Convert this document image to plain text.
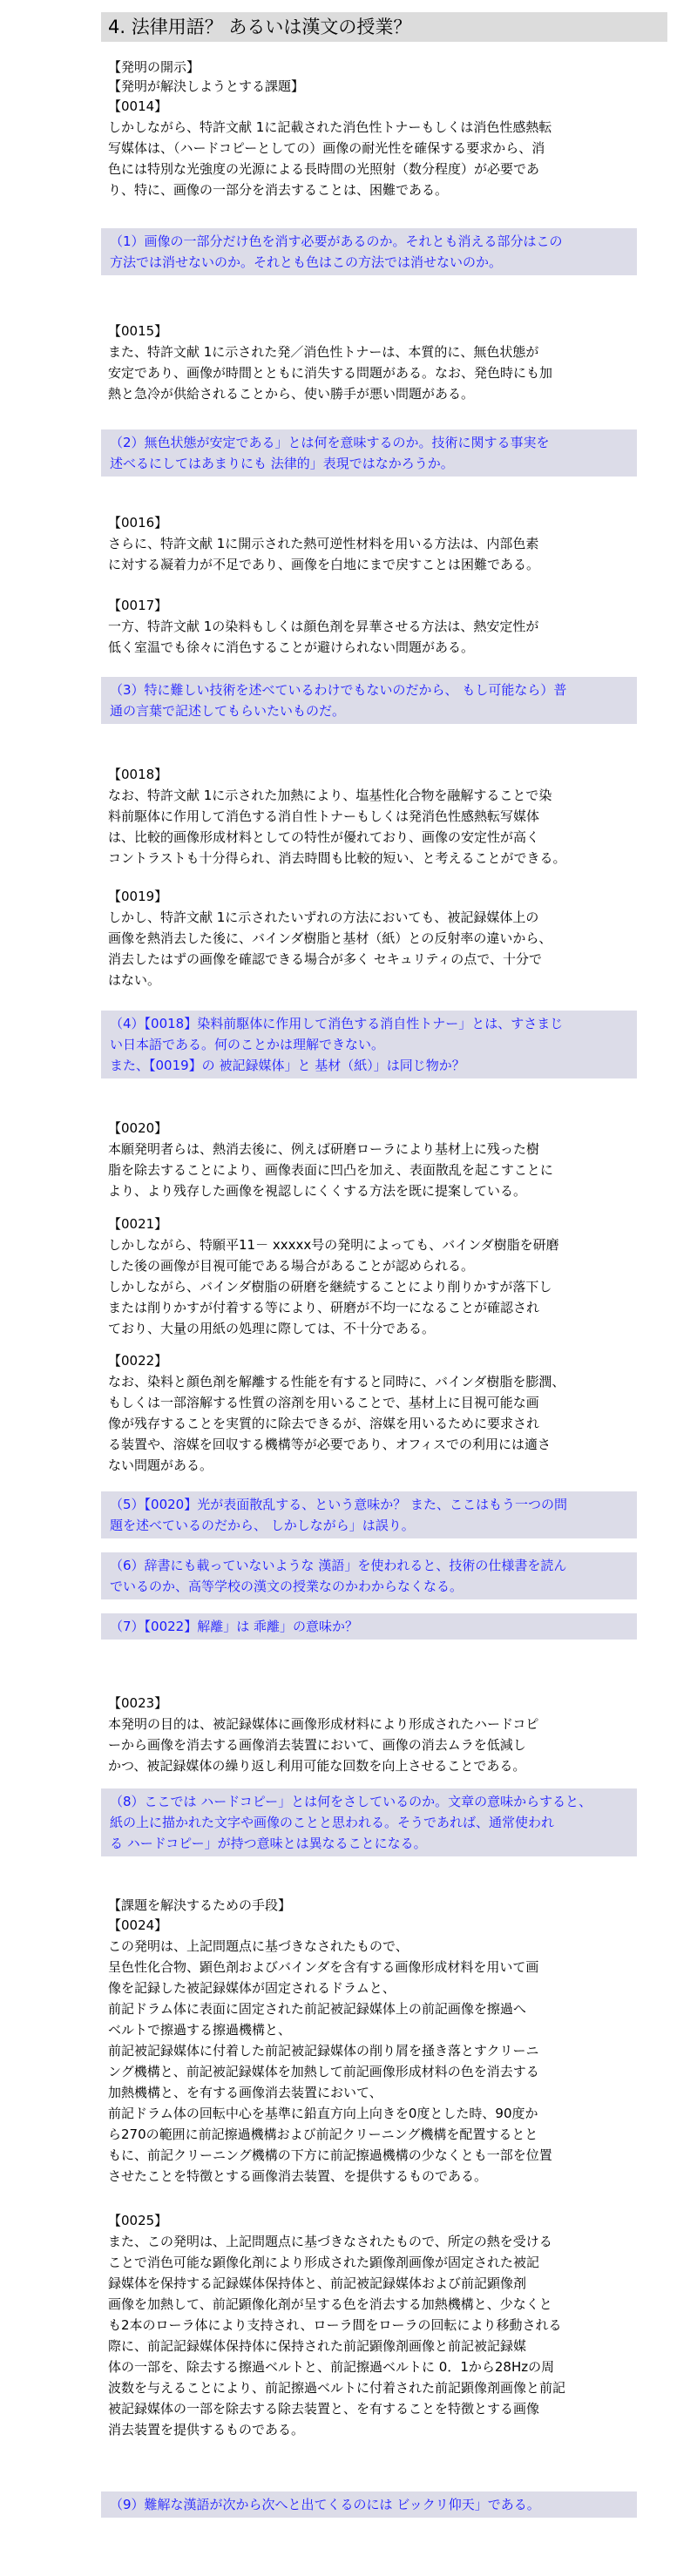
4. 法律用語？ あるいは漢文の授業？
【発明の開示】
【発明が解決しようとする課題】
【0014】
しかしながら、特許文献 1に記載された消色性トナーもしくは消色性感熱転
写媒体は、（ハードコピーとしての）画像の耐光性を確保する要求から、消
色には特別な光強度の光源による長時間の光照射（数分程度）が必要であ
り、特に、画像の一部分を消去することは、困難である。
（1）画像の一部分だけ色を消す必要があるのか。それとも消える部分はこの
方法では消せないのか。それとも色はこの方法では消せないのか。
【0015】
また、特許文献 1に示された発／消色性トナーは、本質的に、無色状態が
安定であり、画像が時間とともに消失する問題がある。なお、発色時にも加
熱と急冷が供給されることから、使い勝手が悪い問題がある。
（2）無色状態が安定である」とは何を意味するのか。技術に関する事実を
述べるにしてはあまりにも 法律的」表現ではなかろうか。
【0016】
さらに、特許文献 1に開示された熱可逆性材料を用いる方法は、内部色素
に対する凝着力が不足であり、画像を白地にまで戻すことは困難である。
【0017】
一方、特許文献 1の染料もしくは顔色剤を昇華させる方法は、熱安定性が
低く室温でも徐々に消色することが避けられない問題がある。
（3）特に難しい技術を述べているわけでもないのだから、 もし可能なら）普
通の言葉で記述してもらいたいものだ。
【0018】
なお、特許文献 1に示された加熱により、塩基性化合物を融解することで染
料前駆体に作用して消色する消自性トナーもしくは発消色性感熱転写媒体
は、比較的画像形成材料としての特性が優れており、画像の安定性が高く
コントラストも十分得られ、消去時間も比較的短い、と考えることができる。
【0019】
しかし、特許文献 1に示されたいずれの方法においても、被記録媒体上の
画像を熱消去した後に、バインダ樹脂と基材（紙）との反射率の違いから、
消去したはずの画像を確認できる場合が多く セキュリティの点で、十分で
はない。
（4）【0018】染料前駆体に作用して消色する消自性トナー」とは、すさまじ
い日本語である。何のことかは理解できない。
また、【0019】の 被記録媒体」と 基材（紙）」は同じ物か？
【0020】
本願発明者らは、熱消去後に、例えば研磨ローラにより基材上に残った樹
脂を除去することにより、画像表面に凹凸を加え、表面散乱を起こすことに
より、より残存した画像を視認しにくくする方法を既に提案している。
【0021】
しかしながら、特願平11－ xxxxx号の発明によっても、バインダ樹脂を研磨
した後の画像が目視可能である場合があることが認められる。
しかしながら、バインダ樹脂の研磨を継続することにより削りかすが落下し
または削りかすが付着する等により、研磨が不均一になることが確認され
ており、大量の用紙の処理に際しては、不十分である。
【0022】
なお、染料と顔色剤を解離する性能を有すると同時に、バインダ樹脂を膨潤、
もしくは一部溶解する性質の溶剤を用いることで、基材上に目視可能な画
像が残存することを実質的に除去できるが、溶媒を用いるために要求され
る装置や、溶媒を回収する機構等が必要であり、オフィスでの利用には適さ
ない問題がある。
（5）【0020】光が表面散乱する、という意味か？ また、ここはもう一つの問
題を述べているのだから、 しかしながら」は誤り。
（6）辞書にも載っていないような 漢語」を使われると、技術の仕様書を読ん
でいるのか、高等学校の漢文の授業なのかわからなくなる。
（7）【0022】解離」は 乖離」の意味か？
【0023】
本発明の目的は、被記録媒体に画像形成材料により形成されたハードコピ
ーから画像を消去する画像消去装置において、画像の消去ムラを低減し
かつ、被記録媒体の繰り返し利用可能な回数を向上させることである。
（8）ここでは ハードコピー」とは何をさしているのか。文章の意味からすると、
紙の上に描かれた文字や画像のことと思われる。そうであれば、通常使われ
る ハードコピー」が持つ意味とは異なることになる。
【課題を解決するための手段】
【0024】
この発明は、上記問題点に基づきなされたもので、
呈色性化合物、顕色剤およびバインダを含有する画像形成材料を用いて画
像を記録した被記録媒体が固定されるドラムと、
前記ドラム体に表面に固定された前記被記録媒体上の前記画像を擦過へ
ベルトで擦過する擦過機構と、
前記被記録媒体に付着した前記被記録媒体の削り屑を掻き落とすクリーニ
ング機構と、前記被記録媒体を加熱して前記画像形成材料の色を消去する
加熱機構と、を有する画像消去装置において、
前記ドラム体の回転中心を基準に鉛直方向上向きを0度とした時、90度か
ら270の範囲に前記擦過機構および前記クリーニング機構を配置するとと
もに、前記クリーニング機構の下方に前記擦過機構の少なくとも一部を位置
させたことを特徴とする画像消去装置、を提供するものである。
【0025】
また、この発明は、上記問題点に基づきなされたもので、所定の熱を受ける
ことで消色可能な顕像化剤により形成された顕像剤画像が固定された被記
録媒体を保持する記録媒体保持体と、前記被記録媒体および前記顕像剤
画像を加熱して、前記顕像化剤が呈する色を消去する加熱機構と、少なくと
も2本のローラ体により支持され、ローラ間をローラの回転により移動される
際に、前記記録媒体保持体に保持された前記顕像剤画像と前記被記録媒
体の一部を、除去する擦過ベルトと、前記擦過ベルトに 0．1から28Hzの周
波数を与えることにより、前記擦過ベルトに付着された前記顕像剤画像と前記
被記録媒体の一部を除去する除去装置と、を有することを特徴とする画像
消去装置を提供するものである。
（9）難解な漢語が次から次へと出てくるのには ビックリ仰天」である。
